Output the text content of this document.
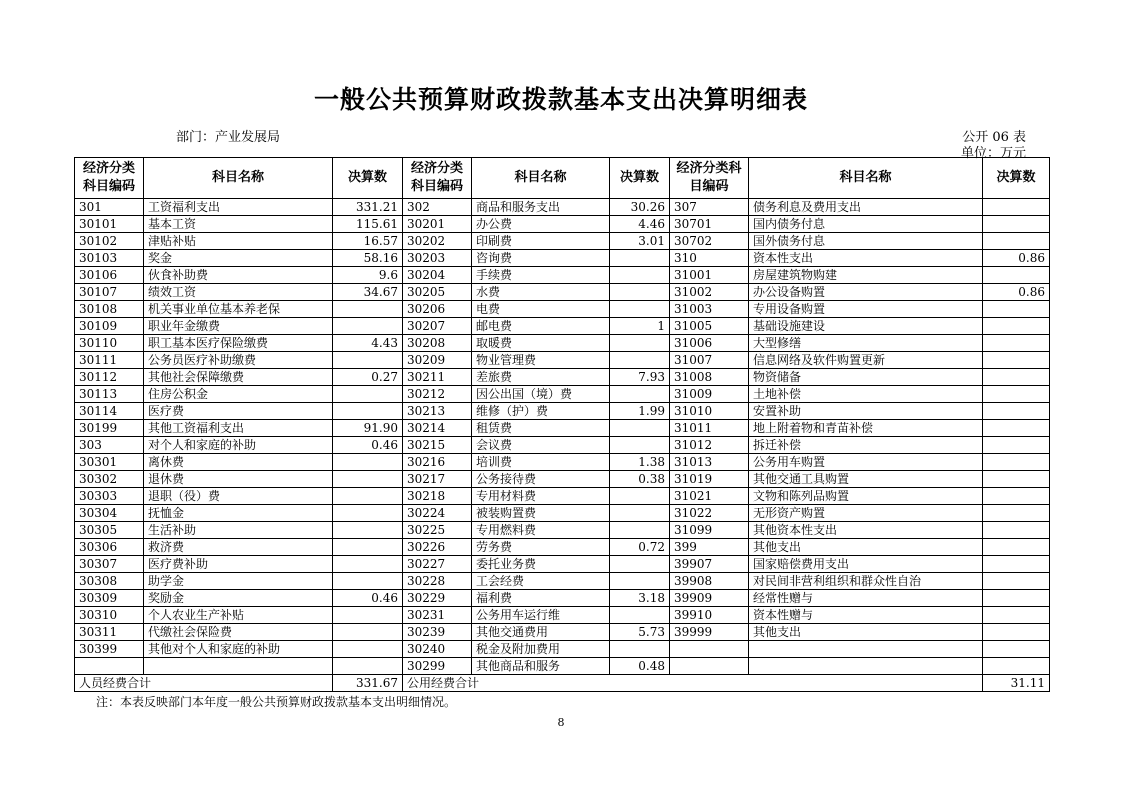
一般公共预算财政拨款基本支出决算明细表
部门：产业发展局	公开 06 表
单位：万元
经济分类科目编码	科目名称	决算数	经济分类科目编码	科目名称	决算数	经济分类科目编码	科目名称	决算数
301	工资福利支出	331.21	302	商品和服务支出	30.26	307	债务利息及费用支出	
30101	基本工资	115.61	30201	办公费	4.46	30701	国内债务付息	
30102	津贴补贴	16.57	30202	印刷费	3.01	30702	国外债务付息	
30103	奖金	58.16	30203	咨询费		310	资本性支出	0.86
30106	伙食补助费	9.6	30204	手续费		31001	房屋建筑物购建	
30107	绩效工资	34.67	30205	水费		31002	办公设备购置	0.86
30108	机关事业单位基本养老保		30206	电费		31003	专用设备购置	
30109	职业年金缴费		30207	邮电费	1	31005	基础设施建设	
30110	职工基本医疗保险缴费	4.43	30208	取暖费		31006	大型修缮	
30111	公务员医疗补助缴费		30209	物业管理费		31007	信息网络及软件购置更新	
30112	其他社会保障缴费	0.27	30211	差旅费	7.93	31008	物资储备	
30113	住房公积金		30212	因公出国（境）费		31009	土地补偿	
30114	医疗费		30213	维修（护）费	1.99	31010	安置补助	
30199	其他工资福利支出	91.90	30214	租赁费		31011	地上附着物和青苗补偿	
303	对个人和家庭的补助	0.46	30215	会议费		31012	拆迁补偿	
30301	离休费		30216	培训费	1.38	31013	公务用车购置	
30302	退休费		30217	公务接待费	0.38	31019	其他交通工具购置	
30303	退职（役）费		30218	专用材料费		31021	文物和陈列品购置	
30304	抚恤金		30224	被装购置费		31022	无形资产购置	
30305	生活补助		30225	专用燃料费		31099	其他资本性支出	
30306	救济费		30226	劳务费	0.72	399	其他支出	
30307	医疗费补助		30227	委托业务费		39907	国家赔偿费用支出	
30308	助学金		30228	工会经费		39908	对民间非营利组织和群众性自治	
30309	奖励金	0.46	30229	福利费	3.18	39909	经常性赠与	
30310	个人农业生产补贴		30231	公务用车运行维		39910	资本性赠与	
30311	代缴社会保险费		30239	其他交通费用	5.73	39999	其他支出	
30399	其他对个人和家庭的补助		30240	税金及附加费用				
			30299	其他商品和服务	0.48			
人员经费合计		331.67	公用经费合计					31.11
注：本表反映部门本年度一般公共预算财政拨款基本支出明细情况。
8
